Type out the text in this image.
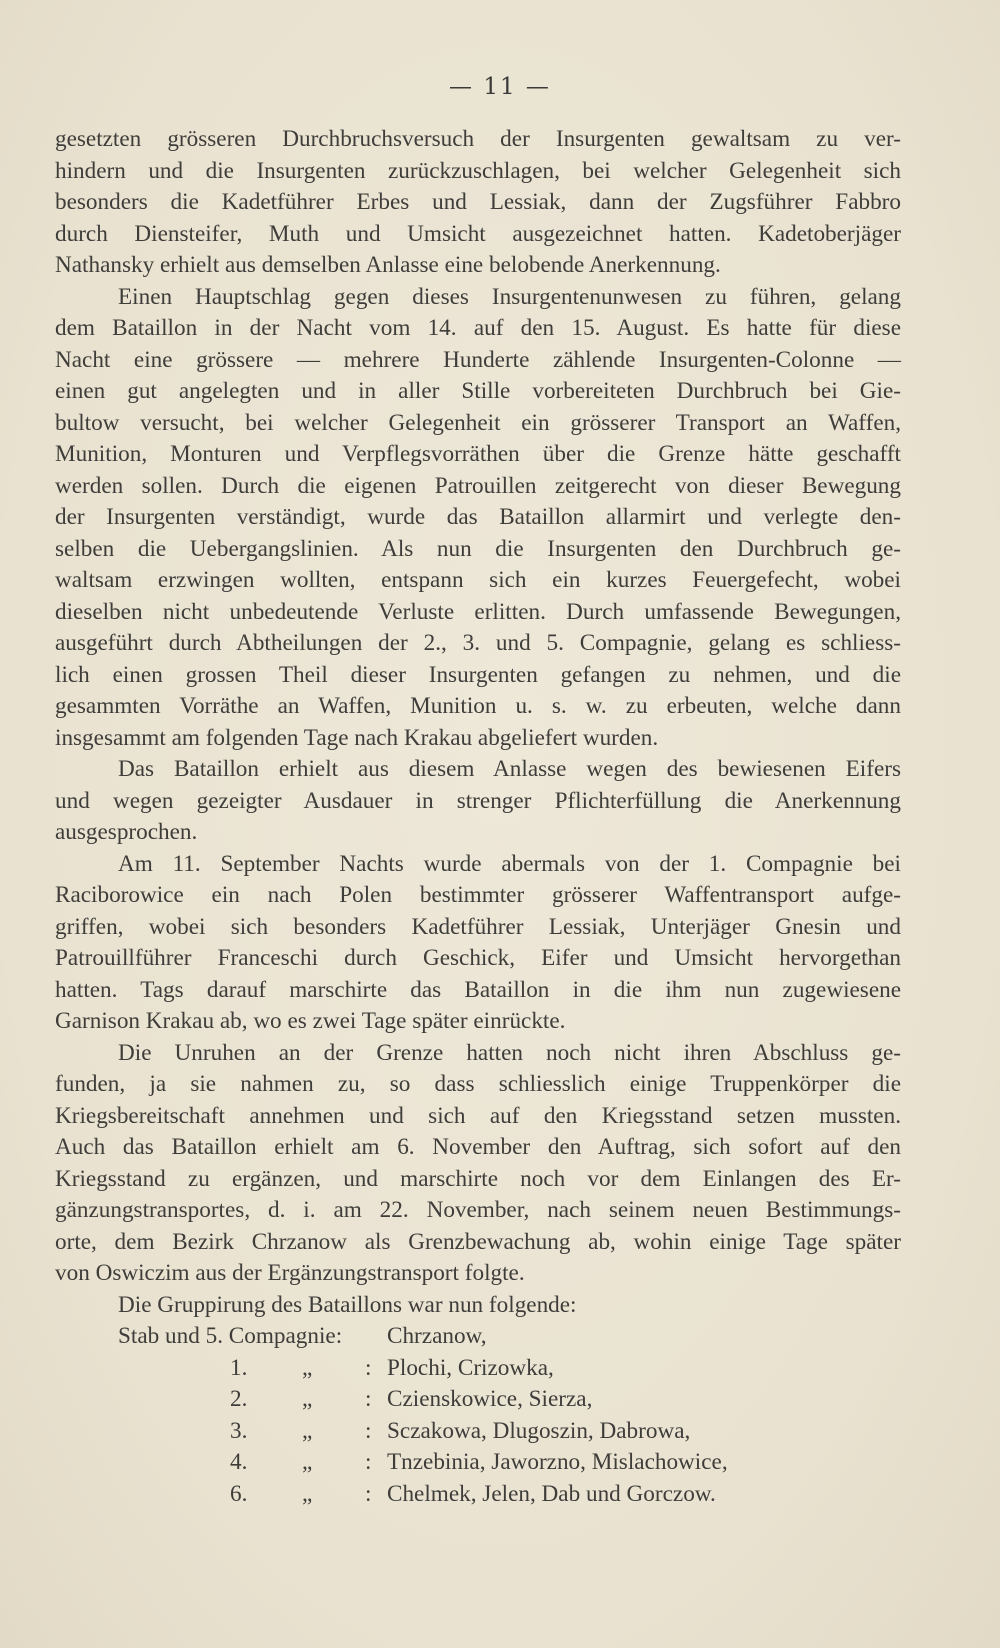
— 11 —

gesetzten grösseren Durchbruchsversuch der Insurgenten gewaltsam zu ver-
hindern und die Insurgenten zurückzuschlagen, bei welcher Gelegenheit sich
besonders die Kadetführer Erbes und Lessiak, dann der Zugsführer Fabbro
durch Diensteifer, Muth und Umsicht ausgezeichnet hatten. Kadetoberjäger
Nathansky erhielt aus demselben Anlasse eine belobende Anerkennung.

Einen Hauptschlag gegen dieses Insurgentenunwesen zu führen, gelang
dem Bataillon in der Nacht vom 14. auf den 15. August. Es hatte für diese
Nacht eine grössere — mehrere Hunderte zählende Insurgenten-Colonne —
einen gut angelegten und in aller Stille vorbereiteten Durchbruch bei Gie-
bultow versucht, bei welcher Gelegenheit ein grösserer Transport an Waffen,
Munition, Monturen und Verpflegsvorräthen über die Grenze hätte geschafft
werden sollen. Durch die eigenen Patrouillen zeitgerecht von dieser Bewegung
der Insurgenten verständigt, wurde das Bataillon allarmirt und verlegte den-
selben die Uebergangslinien. Als nun die Insurgenten den Durchbruch ge-
waltsam erzwingen wollten, entspann sich ein kurzes Feuergefecht, wobei
dieselben nicht unbedeutende Verluste erlitten. Durch umfassende Bewegungen,
ausgeführt durch Abtheilungen der 2., 3. und 5. Compagnie, gelang es schliess-
lich einen grossen Theil dieser Insurgenten gefangen zu nehmen, und die
gesammten Vorräthe an Waffen, Munition u. s. w. zu erbeuten, welche dann
insgesammt am folgenden Tage nach Krakau abgeliefert wurden.

Das Bataillon erhielt aus diesem Anlasse wegen des bewiesenen Eifers
und wegen gezeigter Ausdauer in strenger Pflichterfüllung die Anerkennung
ausgesprochen.

Am 11. September Nachts wurde abermals von der 1. Compagnie bei
Raciborowice ein nach Polen bestimmter grösserer Waffentransport aufge-
griffen, wobei sich besonders Kadetführer Lessiak, Unterjäger Gnesin und
Patrouillführer Franceschi durch Geschick, Eifer und Umsicht hervorgethan
hatten. Tags darauf marschirte das Bataillon in die ihm nun zugewiesene
Garnison Krakau ab, wo es zwei Tage später einrückte.

Die Unruhen an der Grenze hatten noch nicht ihren Abschluss ge-
funden, ja sie nahmen zu, so dass schliesslich einige Truppenkörper die
Kriegsbereitschaft annehmen und sich auf den Kriegsstand setzen mussten.
Auch das Bataillon erhielt am 6. November den Auftrag, sich sofort auf den
Kriegsstand zu ergänzen, und marschirte noch vor dem Einlangen des Er-
gänzungstransportes, d. i. am 22. November, nach seinem neuen Bestimmungs-
orte, dem Bezirk Chrzanow als Grenzbewachung ab, wohin einige Tage später
von Oswiczim aus der Ergänzungstransport folgte.

Die Gruppirung des Bataillons war nun folgende:

Stab und 5. Compagnie: Chrzanow,
1. „ : Plochi, Crizowka,
2. „ : Czienskowice, Sierza,
3. „ : Sczakowa, Dlugoszin, Dabrowa,
4. „ : Tnzebinia, Jaworzno, Mislachowice,
6. „ : Chelmek, Jelen, Dab und Gorczow.
